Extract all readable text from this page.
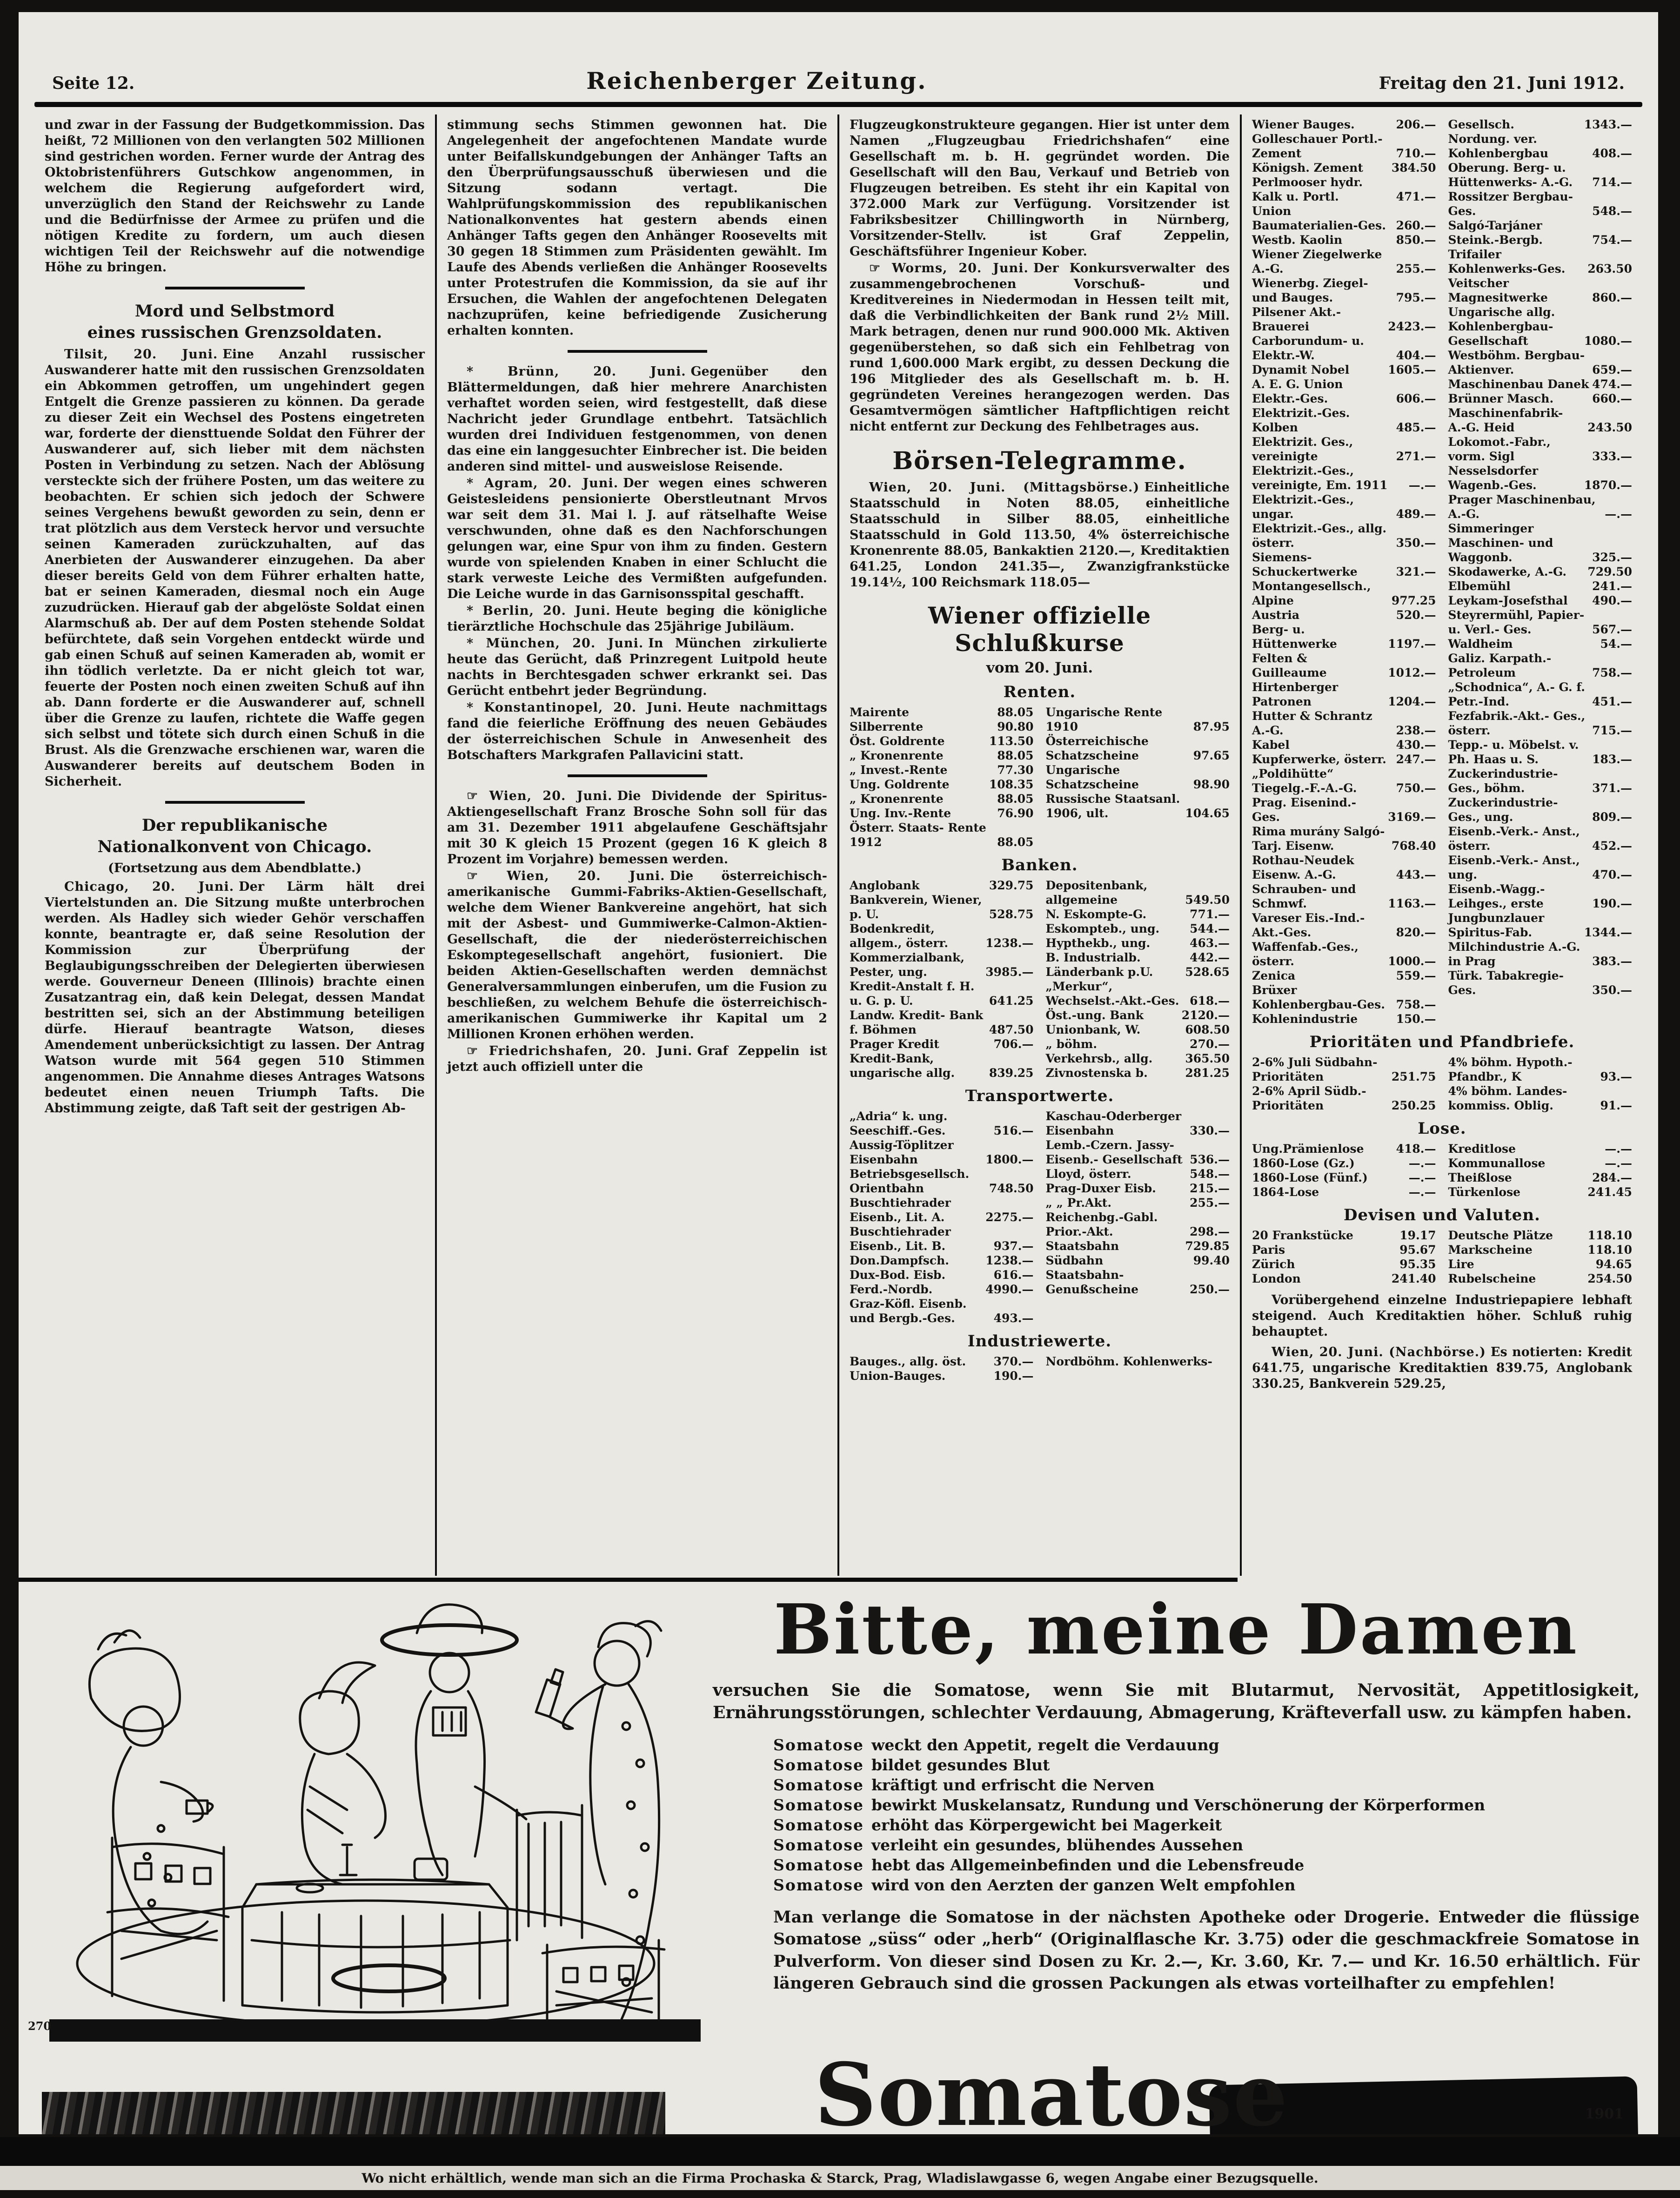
Seite 12.	Reichenberger Zeitung.	Freitag den 21. Juni 1912.

und zwar in der Fassung der Budgetkommission. Das heißt, 72 Millionen von den verlangten 502 Millionen sind gestrichen worden. Ferner wurde der Antrag des Oktobristenführers Gutschkow angenommen, in welchem die Regierung aufgefordert wird, unverzüglich den Stand der Reichswehr zu Lande und die Bedürfnisse der Armee zu prüfen und die nötigen Kredite zu fordern, um auch diesen wichtigen Teil der Reichswehr auf die notwendige Höhe zu bringen.

Mord und Selbstmord
eines russischen Grenzsoldaten.

Tilsit, 20. Juni. Eine Anzahl russischer Auswanderer hatte mit den russischen Grenzsoldaten ein Abkommen getroffen, um ungehindert gegen Entgelt die Grenze passieren zu können. Da gerade zu dieser Zeit ein Wechsel des Postens eingetreten war, forderte der diensttuende Soldat den Führer der Auswanderer auf, sich lieber mit dem nächsten Posten in Verbindung zu setzen. Nach der Ablösung versteckte sich der frühere Posten, um das weitere zu beobachten. Er schien sich jedoch der Schwere seines Vergehens bewußt geworden zu sein, denn er trat plötzlich aus dem Versteck hervor und versuchte seinen Kameraden zurückzuhalten, auf das Anerbieten der Auswanderer einzugehen. Da aber dieser bereits Geld von dem Führer erhalten hatte, bat er seinen Kameraden, diesmal noch ein Auge zuzudrücken. Hierauf gab der abgelöste Soldat einen Alarmschuß ab. Der auf dem Posten stehende Soldat befürchtete, daß sein Vorgehen entdeckt würde und gab einen Schuß auf seinen Kameraden ab, womit er ihn tödlich verletzte. Da er nicht gleich tot war, feuerte der Posten noch einen zweiten Schuß auf ihn ab. Dann forderte er die Auswanderer auf, schnell über die Grenze zu laufen, richtete die Waffe gegen sich selbst und tötete sich durch einen Schuß in die Brust. Als die Grenzwache erschienen war, waren die Auswanderer bereits auf deutschem Boden in Sicherheit.

Der republikanische
Nationalkonvent von Chicago.
(Fortsetzung aus dem Abendblatte.)

Chicago, 20. Juni. Der Lärm hält drei Viertelstunden an. Die Sitzung mußte unterbrochen werden. Als Hadley sich wieder Gehör verschaffen konnte, beantragte er, daß seine Resolution der Kommission zur Überprüfung der Beglaubigungsschreiben der Delegierten überwiesen werde. Gouverneur Deneen (Illinois) brachte einen Zusatzantrag ein, daß kein Delegat, dessen Mandat bestritten sei, sich an der Abstimmung beteiligen dürfe. Hierauf beantragte Watson, dieses Amendement unberücksichtigt zu lassen. Der Antrag Watson wurde mit 564 gegen 510 Stimmen angenommen. Die Annahme dieses Antrages Watsons bedeutet einen neuen Triumph Tafts. Die Abstimmung zeigte, daß Taft seit der gestrigen Ab-

stimmung sechs Stimmen gewonnen hat. Die Angelegenheit der angefochtenen Mandate wurde unter Beifallskundgebungen der Anhänger Tafts an den Überprüfungsausschuß überwiesen und die Sitzung sodann vertagt. Die Wahlprüfungskommission des republikanischen Nationalkonventes hat gestern abends einen Anhänger Tafts gegen den Anhänger Roosevelts mit 30 gegen 18 Stimmen zum Präsidenten gewählt. Im Laufe des Abends verließen die Anhänger Roosevelts unter Protestrufen die Kommission, da sie auf ihr Ersuchen, die Wahlen der angefochtenen Delegaten nachzuprüfen, keine befriedigende Zusicherung erhalten konnten.

* Brünn, 20. Juni. Gegenüber den Blättermeldungen, daß hier mehrere Anarchisten verhaftet worden seien, wird festgestellt, daß diese Nachricht jeder Grundlage entbehrt. Tatsächlich wurden drei Individuen festgenommen, von denen das eine ein langgesuchter Einbrecher ist. Die beiden anderen sind mittel- und ausweislose Reisende.

* Agram, 20. Juni. Der wegen eines schweren Geistesleidens pensionierte Oberstleutnant Mrvos war seit dem 31. Mai l. J. auf rätselhafte Weise verschwunden, ohne daß es den Nachforschungen gelungen war, eine Spur von ihm zu finden. Gestern wurde von spielenden Knaben in einer Schlucht die stark verweste Leiche des Vermißten aufgefunden. Die Leiche wurde in das Garnisonsspital geschafft.

* Berlin, 20. Juni. Heute beging die königliche tierärztliche Hochschule das 25jährige Jubiläum.

* München, 20. Juni. In München zirkulierte heute das Gerücht, daß Prinzregent Luitpold heute nachts in Berchtesgaden schwer erkrankt sei. Das Gerücht entbehrt jeder Begründung.

* Konstantinopel, 20. Juni. Heute nachmittags fand die feierliche Eröffnung des neuen Gebäudes der österreichischen Schule in Anwesenheit des Botschafters Markgrafen Pallavicini statt.

☞ Wien, 20. Juni. Die Dividende der Spiritus-Aktiengesellschaft Franz Brosche Sohn soll für das am 31. Dezember 1911 abgelaufene Geschäftsjahr mit 30 K gleich 15 Prozent (gegen 16 K gleich 8 Prozent im Vorjahre) bemessen werden.

☞ Wien, 20. Juni. Die österreichisch-amerikanische Gummi-Fabriks-Aktien-Gesellschaft, welche dem Wiener Bankvereine angehört, hat sich mit der Asbest- und Gummiwerke-Calmon-Aktien-Gesellschaft, die der niederösterreichischen Eskomptegesellschaft angehört, fusioniert. Die beiden Aktien-Gesellschaften werden demnächst Generalversammlungen einberufen, um die Fusion zu beschließen, zu welchem Behufe die österreichisch-amerikanischen Gummiwerke ihr Kapital um 2 Millionen Kronen erhöhen werden.

☞ Friedrichshafen, 20. Juni. Graf Zeppelin ist jetzt auch offiziell unter die

Flugzeugkonstrukteure gegangen. Hier ist unter dem Namen „Flugzeugbau Friedrichshafen“ eine Gesellschaft m. b. H. gegründet worden. Die Gesellschaft will den Bau, Verkauf und Betrieb von Flugzeugen betreiben. Es steht ihr ein Kapital von 372.000 Mark zur Verfügung. Vorsitzender ist Fabriksbesitzer Chillingworth in Nürnberg, Vorsitzender-Stellv. ist Graf Zeppelin, Geschäftsführer Ingenieur Kober.

☞ Worms, 20. Juni. Der Konkursverwalter des zusammengebrochenen Vorschuß- und Kreditvereines in Niedermodan in Hessen teilt mit, daß die Verbindlichkeiten der Bank rund 2½ Mill. Mark betragen, denen nur rund 900.000 Mk. Aktiven gegenüberstehen, so daß sich ein Fehlbetrag von rund 1,600.000 Mark ergibt, zu dessen Deckung die 196 Mitglieder des als Gesellschaft m. b. H. gegründeten Vereines herangezogen werden. Das Gesamtvermögen sämtlicher Haftpflichtigen reicht nicht entfernt zur Deckung des Fehlbetrages aus.

Börsen-Telegramme.

Wien, 20. Juni. (Mittagsbörse.) Einheitliche Staatsschuld in Noten 88.05, einheitliche Staatsschuld in Silber 88.05, einheitliche Staatsschuld in Gold 113.50, 4% österreichische Kronenrente 88.05, Bankaktien 2120.—, Kreditaktien 641.25, London 241.35—, Zwanzigfrankstücke 19.14½, 100 Reichsmark 118.05—

Wiener offizielle Schlußkurse
vom 20. Juni.
Renten.
Mairente	88.05
Silberrente	90.80
Öst. Goldrente	113.50
„ Kronenrente	88.05
„ Invest.-Rente	77.30
Ung. Goldrente	108.35
„ Kronenrente	88.05
Ung. Inv.-Rente	76.90
Österr. Staats- Rente 1912	88.05
Ungarische Rente 1910	87.95
Österreichische Schatzscheine	97.65
Ungarische Schatzscheine	98.90
Russische Staatsanl. 1906, ult.	104.65
Banken.
Anglobank	329.75
Bankverein, Wiener, p. U.	528.75
Bodenkredit, allgem., österr.	1238.—
Kommerzialbank, Pester, ung.	3985.—
Kredit-Anstalt f. H. u. G. p. U.	641.25
Landw. Kredit- Bank f. Böhmen	487.50
Prager Kredit	706.—
Kredit-Bank, ungarische allg.	839.25
Depositenbank, allgemeine	549.50
N. Eskompte-G.	771.—
Eskompteb., ung.	544.—
Hypthekb., ung.	463.—
B. Industrialb.	442.—
Länderbank p.U.	528.65
„Merkur“, Wechselst.-Akt.-Ges. 618.—
Öst.-ung. Bank	2120.—
Unionbank, W.	608.50
„ böhm.	270.—
Verkehrsb., allg.	365.50
Zivnostenska b.	281.25
Transportwerte.
„Adria“ k. ung. Seeschiff.-Ges.	516.—
Aussig-Töplitzer Eisenbahn	1800.—
Betriebsgesellsch. Orientbahn	748.50
Buschtiehrader Eisenb., Lit. A.	2275.—
Buschtiehrader Eisenb., Lit. B.	937.—
Don.Dampfsch.	1238.—
Dux-Bod. Eisb.	616.—
Ferd.-Nordb.	4990.—
Graz-Köfl. Eisenb. und Bergb.-Ges.	493.—
Kaschau-Oderberger Eisenbahn	330.—
Lemb.-Czern. Jassy-Eisenb.- Gesellschaft 536.—
Lloyd, österr.	548.—
Prag-Duxer Eisb.	215.—
„ „ Pr.Akt.	255.—
Reichenbg.-Gabl. Prior.-Akt.	298.—
Staatsbahn	729.85
Südbahn	99.40
Staatsbahn- Genußscheine	250.—
Industriewerte.
Bauges., allg. öst.	370.—
Union-Bauges.	190.—
Nordböhm. Kohlenwerks-
Wiener Bauges.	206.—
Golleschauer Portl.-Zement	710.—
Königsh. Zement	384.50
Perlmooser hydr. Kalk u. Portl.	471.—
Union Baumaterialien-Ges. 260.—
Westb. Kaolin	850.—
Wiener Ziegelwerke A.-G.	255.—
Wienerbg. Ziegel- und Bauges.	795.—
Pilsener Akt.- Brauerei	2423.—
Carborundum- u. Elektr.-W.	404.—
Dynamit Nobel	1605.—
A. E. G. Union Elektr.-Ges.	606.—
Elektrizit.-Ges. Kolben	485.—
Elektrizit. Ges., vereinigte	271.—
Elektrizit.-Ges., vereinigte, Em. 1911	—.—
Elektrizit.-Ges., ungar.	489.—
Elektrizit.-Ges., allg. österr.	350.—
Siemens-Schuckertwerke	321.—
Montangesellsch., Alpine	977.25
Austria	520.—
Berg- u. Hüttenwerke	1197.—
Felten & Guilleaume	1012.—
Hirtenberger Patronen	1204.—
Hutter & Schrantz A.-G.	238.—
Kabel	430.—
Kupferwerke, österr. 247.—
„Poldihütte“ Tiegelg.-F.-A.-G.	750.—
Prag. Eisenind.- Ges.	3169.—
Rima murány Salgó-Tarj. Eisenw.	768.40
Rothau-Neudek Eisenw. A.-G.	443.—
Schrauben- und Schmwf.	1163.—
Vareser Eis.-Ind.- Akt.-Ges.	820.—
Waffenfab.-Ges., österr.	1000.—
Zenica	559.—
Brüxer Kohlenbergbau-Ges. 758.—
Kohlenindustrie	150.—
Gesellsch.	1343.—
Nordung. ver. Kohlenbergbau	408.—
Oberung. Berg- u. Hüttenwerks- A.-G.	714.—
Rossitzer Bergbau-Ges.	548.—
Salgó-Tarjáner Steink.-Bergb.	754.—
Trifailer Kohlenwerks-Ges.	263.50
Veitscher Magnesitwerke	860.—
Ungarische allg. Kohlenbergbau- Gesellschaft	1080.—
Westböhm. Bergbau-Aktienver.	659.—
Maschinenbau Danek 474.—
Brünner Masch.	660.—
Maschinenfabrik- A.-G. Heid	243.50
Lokomot.-Fabr., vorm. Sigl	333.—
Nesselsdorfer Wagenb.-Ges.	1870.—
Prager Maschinenbau, A.-G.	—.—
Simmeringer Maschinen- und Waggonb.	325.—
Skodawerke, A.-G.	729.50
Elbemühl	241.—
Leykam-Josefsthal	490.—
Steyrermühl, Papier- u. Verl.- Ges.	567.—
Waldheim	54.—
Galiz. Karpath.- Petroleum	758.—
„Schodnica“, A.- G. f. Petr.-Ind.	451.—
Fezfabrik.-Akt.- Ges., österr.	715.—
Tepp.- u. Möbelst. v. Ph. Haas u. S.	183.—
Zuckerindustrie- Ges., böhm.	371.—
Zuckerindustrie- Ges., ung.	809.—
Eisenb.-Verk.- Anst., österr.	452.—
Eisenb.-Verk.- Anst., ung.	470.—
Eisenb.-Wagg.- Leihges., erste	190.—
Jungbunzlauer Spiritus-Fab.	1344.—
Milchindustrie A.-G. in Prag	383.—
Türk. Tabakregie- Ges.	350.—
Prioritäten und Pfandbriefe.
2-6% Juli Südbahn- Prioritäten	251.75
2-6% April Südb.- Prioritäten	250.25
4% böhm. Hypoth.- Pfandbr., K	93.—
4% böhm. Landes- kommiss. Oblig.	91.—
Lose.
Ung.Prämienlose	418.—
1860-Lose (Gz.)	—.—
1860-Lose (Fünf.)	—.—
1864-Lose	—.—
Kreditlose	—.—
Kommunallose	—.—
Theißlose	284.—
Türkenlose	241.45
Devisen und Valuten.
20 Frankstücke	19.17
Paris	95.67
Zürich	95.35
London	241.40
Deutsche Plätze	118.10
Markscheine	118.10
Lire	94.65
Rubelscheine	254.50

Vorübergehend einzelne Industriepapiere lebhaft steigend. Auch Kreditaktien höher. Schluß ruhig behauptet.

Wien, 20. Juni. (Nachbörse.) Es notierten: Kredit 641.75, ungarische Kreditaktien 839.75, Anglobank 330.25, Bankverein 529.25,

270
Bitte, meine Damen

versuchen Sie die Somatose, wenn Sie mit Blutarmut, Nervosität, Appetitlosigkeit, Ernährungsstörungen, schlechter Verdauung, Abmagerung, Kräfteverfall usw. zu kämpfen haben.

Somatose weckt den Appetit, regelt die Verdauung

Somatose bildet gesundes Blut

Somatose kräftigt und erfrischt die Nerven

Somatose bewirkt Muskelansatz, Rundung und Verschönerung der Körperformen

Somatose erhöht das Körpergewicht bei Magerkeit

Somatose verleiht ein gesundes, blühendes Aussehen

Somatose hebt das Allgemeinbefinden und die Lebensfreude

Somatose wird von den Aerzten der ganzen Welt empfohlen

Man verlange die Somatose in der nächsten Apotheke oder Drogerie. Entweder die flüssige Somatose „süss“ oder „herb“ (Originalflasche Kr. 3.75) oder die geschmackfreie Somatose in Pulverform. Von dieser sind Dosen zu Kr. 2.—, Kr. 3.60, Kr. 7.— und Kr. 16.50 erhältlich. Für längeren Gebrauch sind die grossen Packungen als etwas vorteilhafter zu empfehlen!

Somatose	1901
Wo nicht erhältlich, wende man sich an die Firma Prochaska & Starck, Prag, Wladislawgasse 6, wegen Angabe einer Bezugsquelle.
